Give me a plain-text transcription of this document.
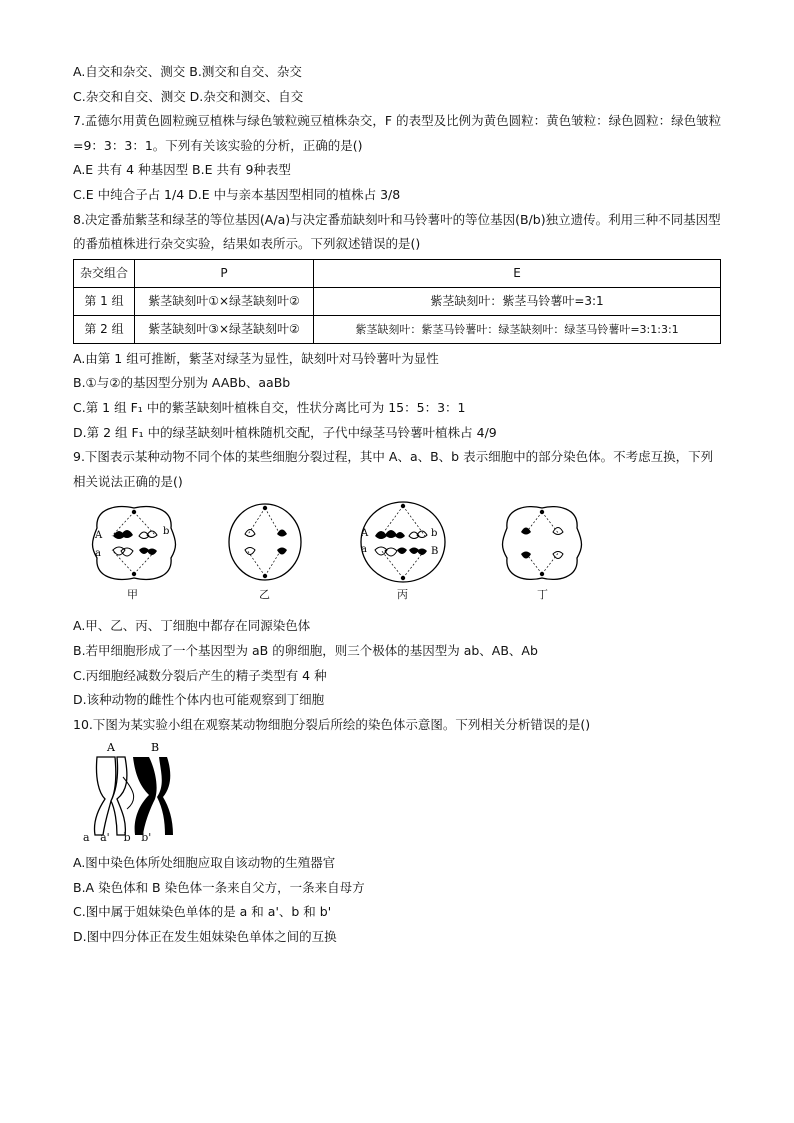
A.自交和杂交、测交 B.测交和自交、杂交
C.杂交和自交、测交 D.杂交和测交、自交
7.孟德尔用黄色圆粒豌豆植株与绿色皱粒豌豆植株杂交，F 的表型及比例为黄色圆粒：黄色皱粒：绿色圆粒：绿色皱粒=9：3：3：1。下列有关该实验的分析，正确的是()
A.E 共有 4 种基因型 B.E 共有 9种表型
C.E 中纯合子占 1/4 D.E 中与亲本基因型相同的植株占 3/8
8.决定番茄紫茎和绿茎的等位基因(A/a)与决定番茄缺刻叶和马铃薯叶的等位基因(B/b)独立遗传。利用三种不同基因型的番茄植株进行杂交实验，结果如表所示。下列叙述错误的是()
杂交组合	P	E
第 1 组	紫茎缺刻叶①×绿茎缺刻叶②	紫茎缺刻叶：紫茎马铃薯叶=3:1
第 2 组	紫茎缺刻叶③×绿茎缺刻叶②	紫茎缺刻叶：紫茎马铃薯叶：绿茎缺刻叶：绿茎马铃薯叶=3:1:3:1
A.由第 1 组可推断，紫茎对绿茎为显性，缺刻叶对马铃薯叶为显性
B.①与②的基因型分别为 AABb、aaBb
C.第 1 组 F₁ 中的紫茎缺刻叶植株自交，性状分离比可为 15：5：3：1
D.第 2 组 F₁ 中的绿茎缺刻叶植株随机交配，子代中绿茎马铃薯叶植株占 4/9
9.下图表示某种动物不同个体的某些细胞分裂过程，其中 A、a、B、b 表示细胞中的部分染色体。不考虑互换，下列相关说法正确的是()
A
a
b
甲	乙
A
a
b
B
丙	丁
A.甲、乙、丙、丁细胞中都存在同源染色体
B.若甲细胞形成了一个基因型为 aB 的卵细胞，则三个极体的基因型为 ab、AB、Ab
C.丙细胞经减数分裂后产生的精子类型有 4 种
D.该种动物的雌性个体内也可能观察到丁细胞
10.下图为某实验小组在观察某动物细胞分裂后所绘的染色体示意图。下列相关分析错误的是()
A	B
a a' b b'
A.图中染色体所处细胞应取自该动物的生殖器官
B.A 染色体和 B 染色体一条来自父方，一条来自母方
C.图中属于姐妹染色单体的是 a 和 a'、b 和 b'
D.图中四分体正在发生姐妹染色单体之间的互换
